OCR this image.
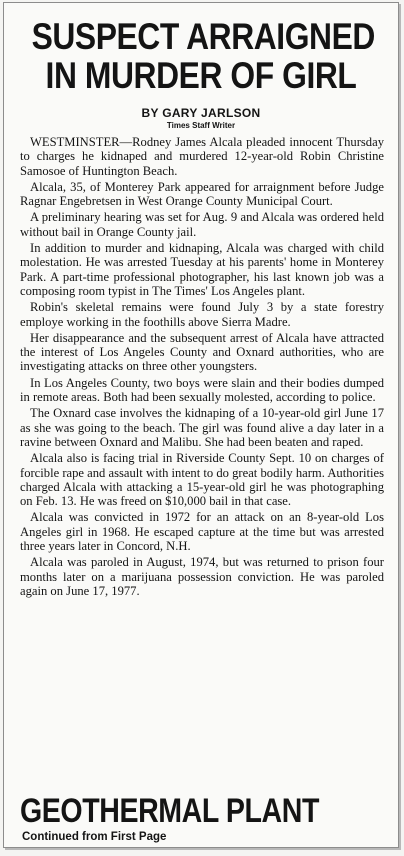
SUSPECT ARRAIGNED
IN MURDER OF GIRL
BY GARY JARLSON
Times Staff Writer

WESTMINSTER—Rodney James Alcala pleaded innocent Thursday to charges he kidnaped and murdered 12-year-old Robin Christine Samosoe of Huntington Beach.

Alcala, 35, of Monterey Park appeared for arraignment before Judge Ragnar Engebretsen in West Orange County Municipal Court.

A preliminary hearing was set for Aug. 9 and Alcala was ordered held without bail in Orange County jail.

In addition to murder and kidnaping, Alcala was charged with child molestation. He was arrested Tuesday at his parents' home in Monterey Park. A part-time professional photographer, his last known job was a composing room typist in The Times' Los Angeles plant.

Robin's skeletal remains were found July 3 by a state forestry employe working in the foothills above Sierra Madre.

Her disappearance and the subsequent arrest of Alcala have attracted the interest of Los Angeles County and Oxnard authorities, who are investigating attacks on three other youngsters.

In Los Angeles County, two boys were slain and their bodies dumped in remote areas. Both had been sexually molested, according to police.

The Oxnard case involves the kidnaping of a 10-year-old girl June 17 as she was going to the beach. The girl was found alive a day later in a ravine between Oxnard and Malibu. She had been beaten and raped.

Alcala also is facing trial in Riverside County Sept. 10 on charges of forcible rape and assault with intent to do great bodily harm. Authorities charged Alcala with attacking a 15-year-old girl he was photographing on Feb. 13. He was freed on $10,000 bail in that case.

Alcala was convicted in 1972 for an attack on an 8-year-old Los Angeles girl in 1968. He escaped capture at the time but was arrested three years later in Concord, N.H.

Alcala was paroled in August, 1974, but was returned to prison four months later on a marijuana possession conviction. He was paroled again on June 17, 1977.

GEOTHERMAL PLANT
Continued from First Page
